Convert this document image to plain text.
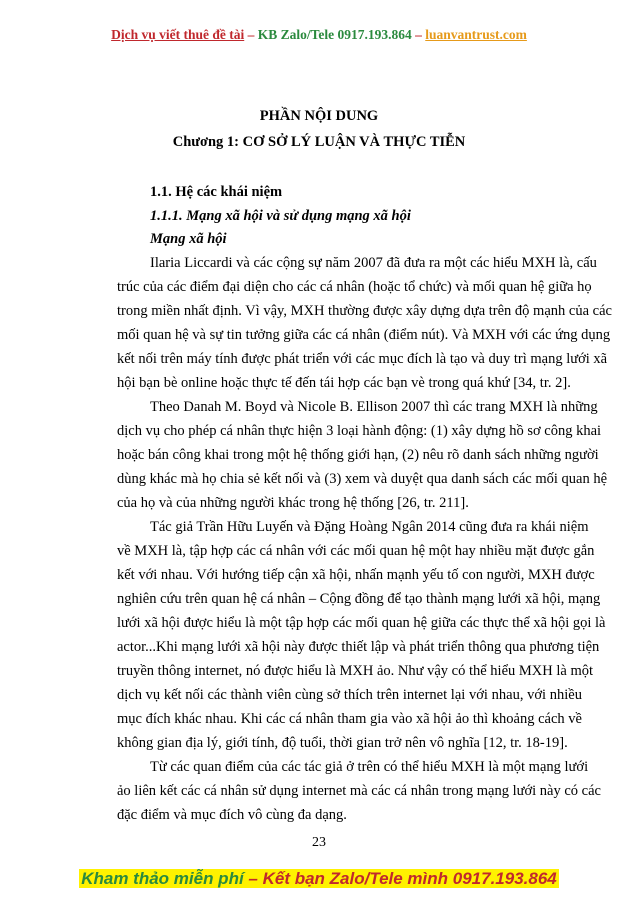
Dịch vụ viết thuê đề tài – KB Zalo/Tele 0917.193.864 – luanvantrust.com
PHẦN NỘI DUNG
Chương 1: CƠ SỞ LÝ LUẬN VÀ THỰC TIỄN
1.1. Hệ các khái niệm
1.1.1. Mạng xã hội và sử dụng mạng xã hội
Mạng xã hội
Ilaria Liccardi và các cộng sự năm 2007 đã đưa ra một các hiểu MXH là, cấu
trúc của các điểm đại diện cho các cá nhân (hoặc tổ chức) và mối quan hệ giữa họ
trong miền nhất định. Vì vậy, MXH thường được xây dựng dựa trên độ mạnh của các
mối quan hệ và sự tin tưởng giữa các cá nhân (điểm nút). Và MXH với các ứng dụng
kết nối trên máy tính được phát triển với các mục đích là tạo và duy trì mạng lưới xã
hội bạn bè online hoặc thực tế đến tái hợp các bạn vè trong quá khứ [34, tr. 2].
Theo Danah M. Boyd và Nicole B. Ellison 2007 thì các trang MXH là những
dịch vụ cho phép cá nhân thực hiện 3 loại hành động: (1) xây dựng hồ sơ công khai
hoặc bán công khai trong một hệ thống giới hạn, (2) nêu rõ danh sách những người
dùng khác mà họ chia sẻ kết nối và (3) xem và duyệt qua danh sách các mối quan hệ
của họ và của những người khác trong hệ thống [26, tr. 211].
Tác giả Trần Hữu Luyến và Đặng Hoàng Ngân 2014 cũng đưa ra khái niệm
về MXH là, tập hợp các cá nhân với các mối quan hệ một hay nhiều mặt được gắn
kết với nhau. Với hướng tiếp cận xã hội, nhấn mạnh yếu tố con người, MXH được
nghiên cứu trên quan hệ cá nhân – Cộng đồng để tạo thành mạng lưới xã hội, mạng
lưới xã hội được hiểu là một tập hợp các mối quan hệ giữa các thực thể xã hội gọi là
actor...Khi mạng lưới xã hội này được thiết lập và phát triển thông qua phương tiện
truyền thông internet, nó được hiểu là MXH ảo. Như vậy có thể hiểu MXH là một
dịch vụ kết nối các thành viên cùng sở thích trên internet lại với nhau, với nhiều
mục đích khác nhau. Khi các cá nhân tham gia vào xã hội ảo thì khoảng cách về
không gian địa lý, giới tính, độ tuổi, thời gian trở nên vô nghĩa [12, tr. 18-19].
Từ các quan điểm của các tác giả ở trên có thể hiểu MXH là một mạng lưới
ảo liên kết các cá nhân sử dụng internet mà các cá nhân trong mạng lưới này có các
đặc điểm và mục đích vô cùng đa dạng.
23
Kham thảo miễn phí – Kết bạn Zalo/Tele mình 0917.193.864
